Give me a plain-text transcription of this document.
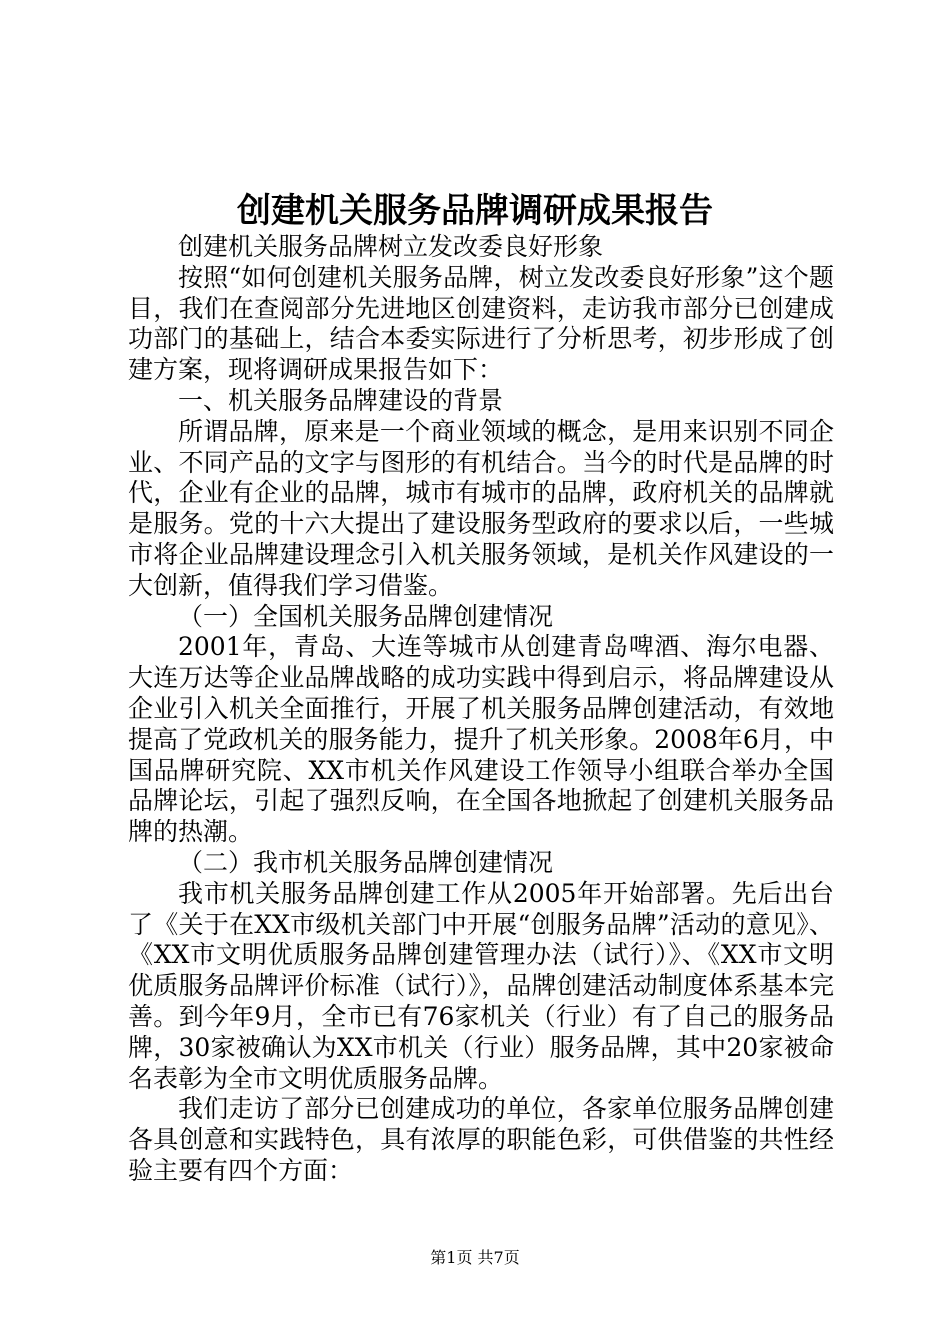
创建机关服务品牌调研成果报告

创建机关服务品牌树立发改委良好形象

按照“如何创建机关服务品牌，树立发改委良好形象”这个题目，我们在查阅部分先进地区创建资料，走访我市部分已创建成功部门的基础上，结合本委实际进行了分析思考，初步形成了创建方案，现将调研成果报告如下：

一、机关服务品牌建设的背景

所谓品牌，原来是一个商业领域的概念，是用来识别不同企业、不同产品的文字与图形的有机结合。当今的时代是品牌的时代，企业有企业的品牌，城市有城市的品牌，政府机关的品牌就是服务。党的十六大提出了建设服务型政府的要求以后，一些城市将企业品牌建设理念引入机关服务领域，是机关作风建设的一大创新，值得我们学习借鉴。

（一）全国机关服务品牌创建情况

2001年，青岛、大连等城市从创建青岛啤酒、海尔电器、大连万达等企业品牌战略的成功实践中得到启示，将品牌建设从企业引入机关全面推行，开展了机关服务品牌创建活动，有效地提高了党政机关的服务能力，提升了机关形象。2008年6月，中国品牌研究院、XX市机关作风建设工作领导小组联合举办全国品牌论坛，引起了强烈反响，在全国各地掀起了创建机关服务品牌的热潮。

（二）我市机关服务品牌创建情况

我市机关服务品牌创建工作从2005年开始部署。先后出台了《关于在XX市级机关部门中开展“创服务品牌”活动的意见》、《XX市文明优质服务品牌创建管理办法（试行）》、《XX市文明优质服务品牌评价标准（试行）》，品牌创建活动制度体系基本完善。到今年9月，全市已有76家机关（行业）有了自己的服务品牌，30家被确认为XX市机关（行业）服务品牌，其中20家被命名表彰为全市文明优质服务品牌。

我们走访了部分已创建成功的单位，各家单位服务品牌创建各具创意和实践特色，具有浓厚的职能色彩，可供借鉴的共性经验主要有四个方面：

第1页 共7页
